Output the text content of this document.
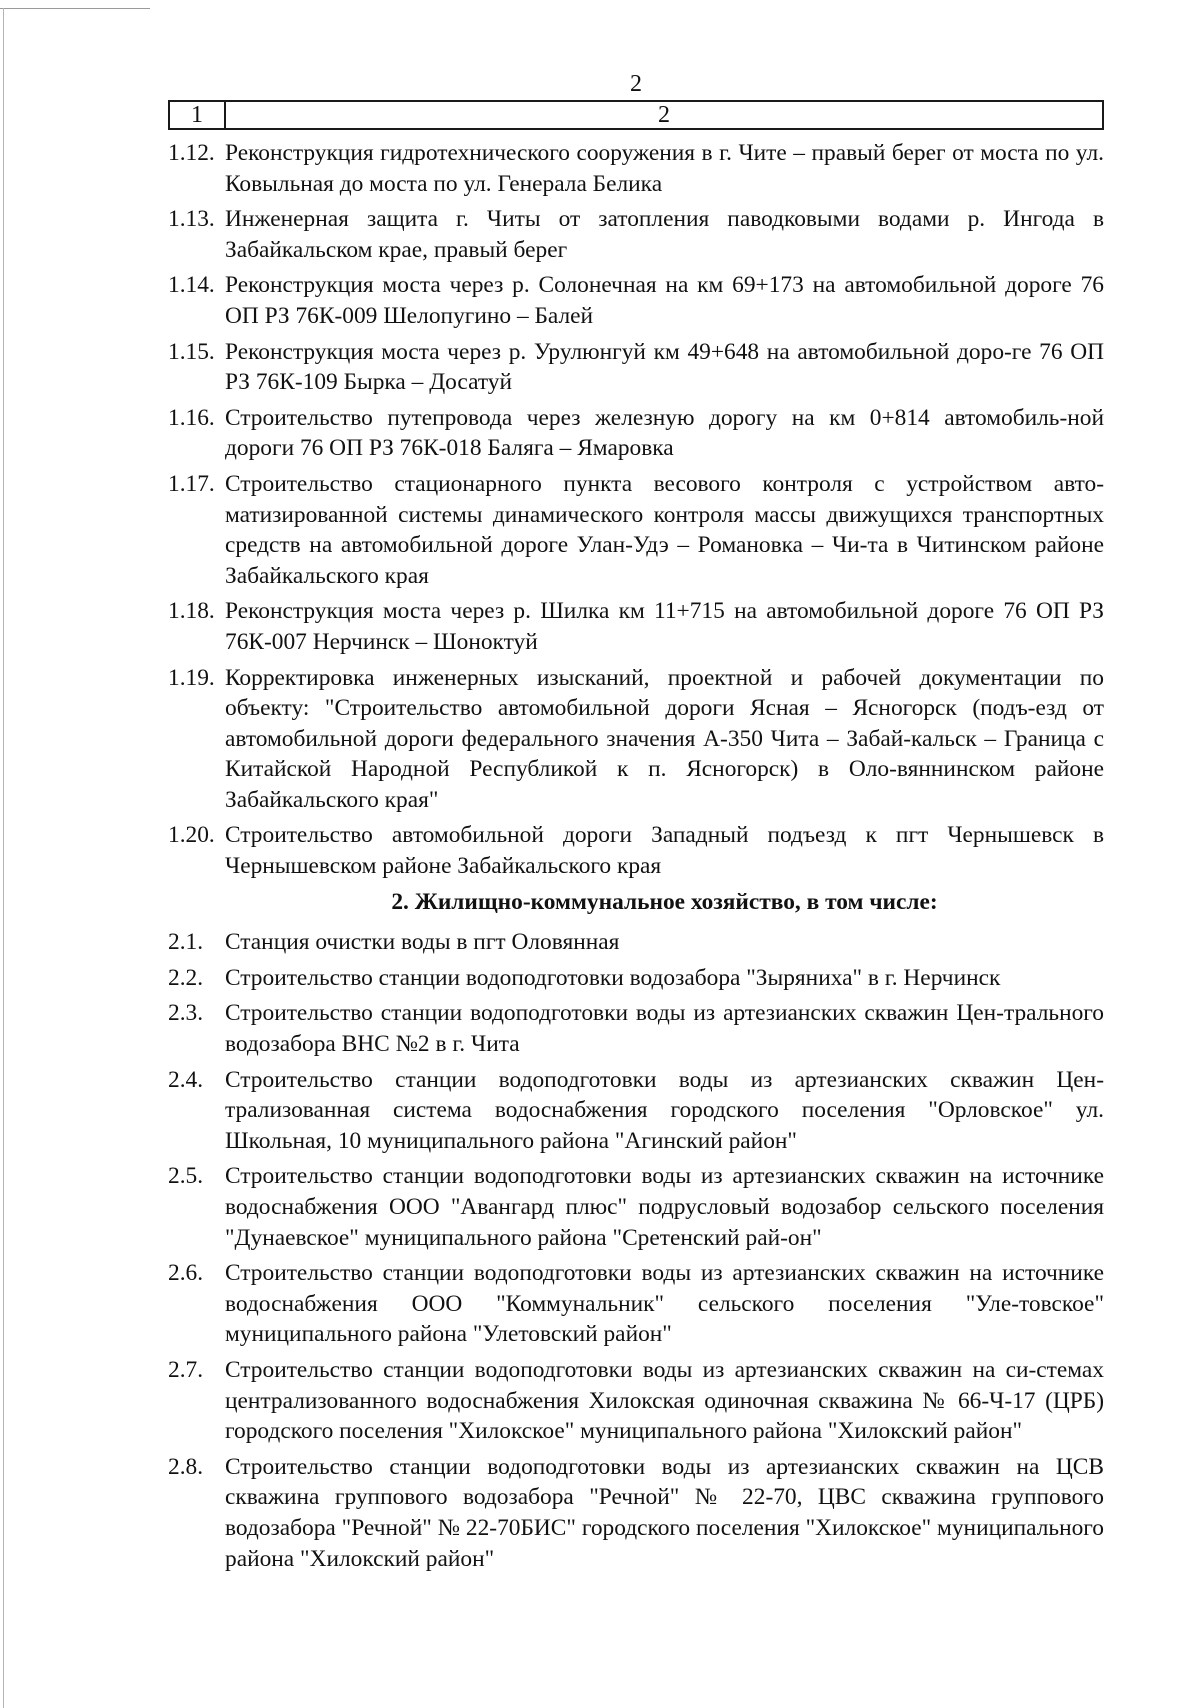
2
1	2
1.12. Реконструкция гидротехнического сооружения в г. Чите – правый берег от моста по ул. Ковыльная до моста по ул. Генерала Белика
1.13. Инженерная защита г. Читы от затопления паводковыми водами р. Ингода в Забайкальском крае, правый берег
1.14. Реконструкция моста через р. Солонечная на км 69+173 на автомобильной дороге 76 ОП РЗ 76К-009 Шелопугино – Балей
1.15. Реконструкция моста через р. Урулюнгуй км 49+648 на автомобильной доро-ге 76 ОП РЗ 76К-109 Бырка – Досатуй
1.16. Строительство путепровода через железную дорогу на км 0+814 автомобиль-ной дороги 76 ОП РЗ 76К-018 Баляга – Ямаровка
1.17. Строительство стационарного пункта весового контроля с устройством авто-матизированной системы динамического контроля массы движущихся транспортных средств на автомобильной дороге Улан-Удэ – Романовка – Чи-та в Читинском районе Забайкальского края
1.18. Реконструкция моста через р. Шилка км 11+715 на автомобильной дороге 76 ОП РЗ 76К-007 Нерчинск – Шоноктуй
1.19. Корректировка инженерных изысканий, проектной и рабочей документации по объекту: "Строительство автомобильной дороги Ясная – Ясногорск (подъ-езд от автомобильной дороги федерального значения А-350 Чита – Забай-кальск – Граница с Китайской Народной Республикой к п. Ясногорск) в Оло-вяннинском районе Забайкальского края"
1.20. Строительство автомобильной дороги Западный подъезд к пгт Чернышевск в Чернышевском районе Забайкальского края
2. Жилищно-коммунальное хозяйство, в том числе:
2.1. Станция очистки воды в пгт Оловянная
2.2. Строительство станции водоподготовки водозабора "Зыряниха" в г. Нерчинск
2.3. Строительство станции водоподготовки воды из артезианских скважин Цен-трального водозабора ВНС №2 в г. Чита
2.4. Строительство станции водоподготовки воды из артезианских скважин Цен-трализованная система водоснабжения городского поселения "Орловское" ул. Школьная, 10 муниципального района "Агинский район"
2.5. Строительство станции водоподготовки воды из артезианских скважин на источнике водоснабжения ООО "Авангард плюс" подрусловый водозабор сельского поселения "Дунаевское" муниципального района "Сретенский рай-он"
2.6. Строительство станции водоподготовки воды из артезианских скважин на источнике водоснабжения ООО "Коммунальник" сельского поселения "Уле-товское" муниципального района "Улетовский район"
2.7. Строительство станции водоподготовки воды из артезианских скважин на си-стемах централизованного водоснабжения Хилокская одиночная скважина № 66-Ч-17 (ЦРБ) городского поселения "Хилокское" муниципального района "Хилокский район"
2.8. Строительство станции водоподготовки воды из артезианских скважин на ЦСВ скважина группового водозабора "Речной" № 22-70, ЦВС скважина группового водозабора "Речной" № 22-70БИС" городского поселения "Хилокское" муниципального района "Хилокский район"
